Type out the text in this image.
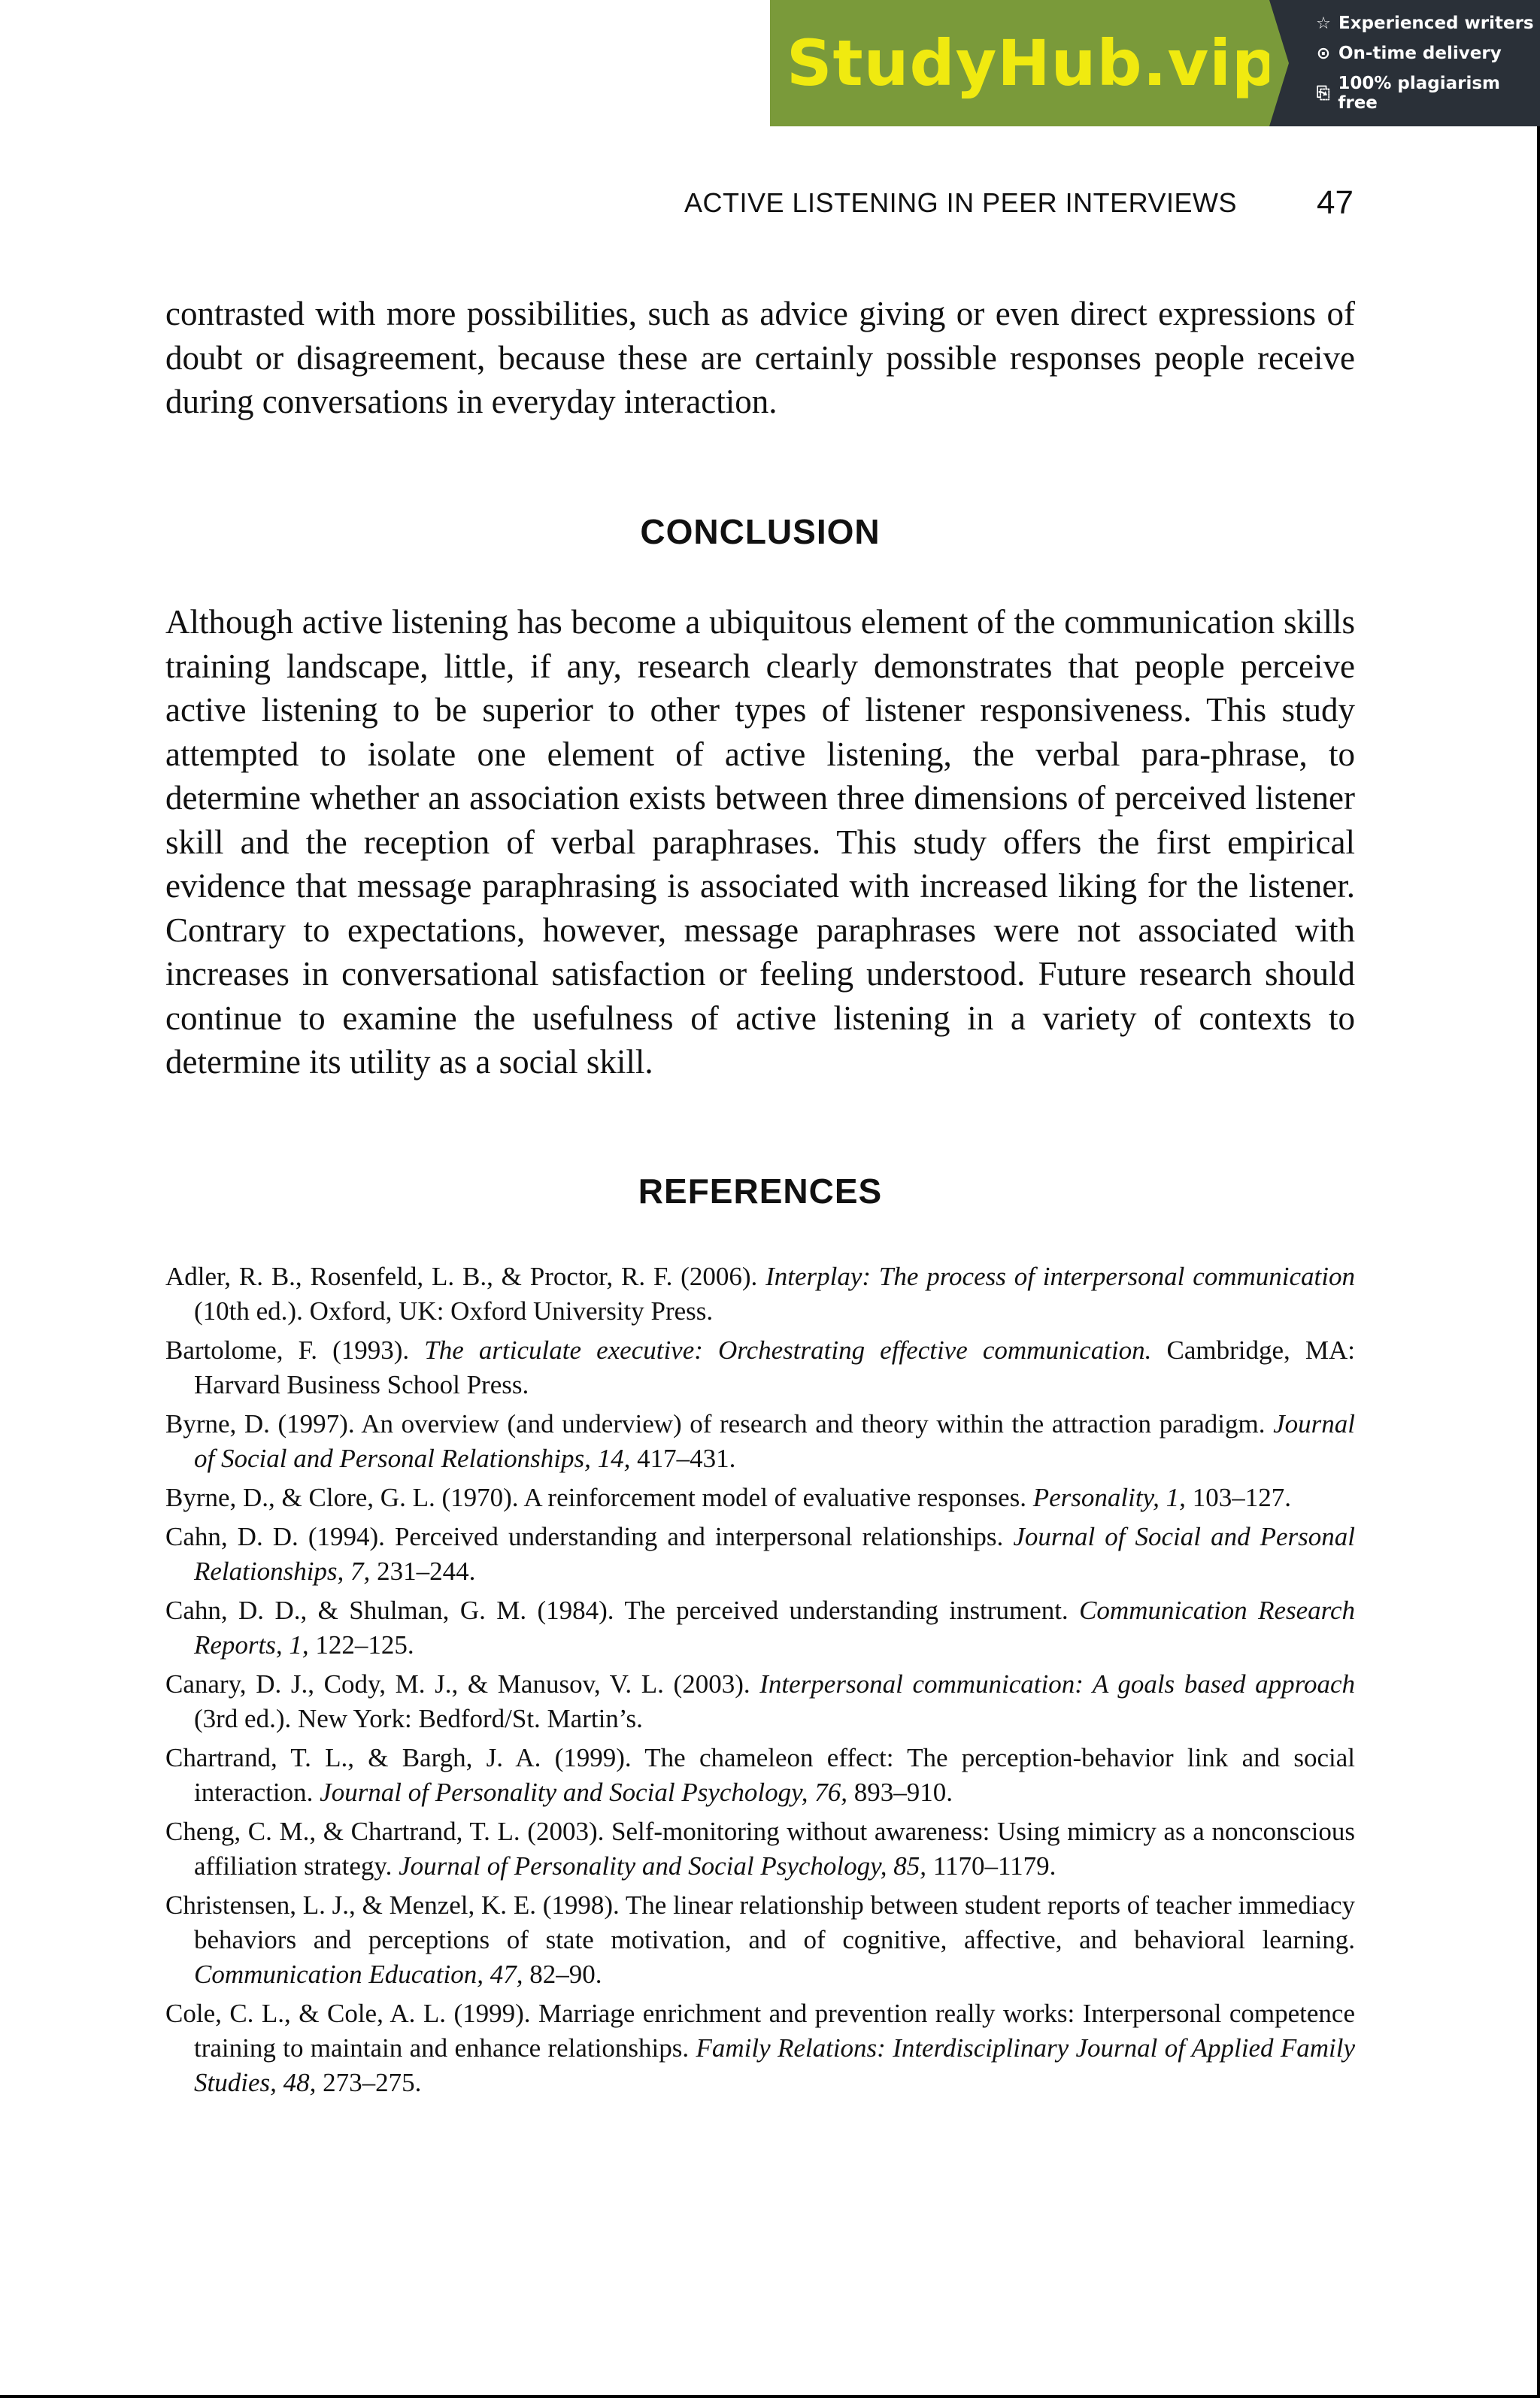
StudyHub.vip
☆ Experienced writers
⊙ On-time delivery
⎘ 100% plagiarism free
ACTIVE LISTENING IN PEER INTERVIEWS 47

contrasted with more possibilities, such as advice giving or even direct expressions of doubt or disagreement, because these are certainly possible responses people receive during conversations in everyday interaction.

CONCLUSION

Although active listening has become a ubiquitous element of the communication skills training landscape, little, if any, research clearly demonstrates that people perceive active listening to be superior to other types of listener responsiveness. This study attempted to isolate one element of active listening, the verbal para-phrase, to determine whether an association exists between three dimensions of perceived listener skill and the reception of verbal paraphrases. This study offers the first empirical evidence that message paraphrasing is associated with increased liking for the listener. Contrary to expectations, however, message paraphrases were not associated with increases in conversational satisfaction or feeling understood. Future research should continue to examine the usefulness of active listening in a variety of contexts to determine its utility as a social skill.

REFERENCES
Adler, R. B., Rosenfeld, L. B., & Proctor, R. F. (2006). Interplay: The process of interpersonal communication (10th ed.). Oxford, UK: Oxford University Press.
Bartolome, F. (1993). The articulate executive: Orchestrating effective communication. Cambridge, MA: Harvard Business School Press.
Byrne, D. (1997). An overview (and underview) of research and theory within the attraction paradigm. Journal of Social and Personal Relationships, 14, 417–431.
Byrne, D., & Clore, G. L. (1970). A reinforcement model of evaluative responses. Personality, 1, 103–127.
Cahn, D. D. (1994). Perceived understanding and interpersonal relationships. Journal of Social and Personal Relationships, 7, 231–244.
Cahn, D. D., & Shulman, G. M. (1984). The perceived understanding instrument. Communication Research Reports, 1, 122–125.
Canary, D. J., Cody, M. J., & Manusov, V. L. (2003). Interpersonal communication: A goals based approach (3rd ed.). New York: Bedford/St. Martin’s.
Chartrand, T. L., & Bargh, J. A. (1999). The chameleon effect: The perception-behavior link and social interaction. Journal of Personality and Social Psychology, 76, 893–910.
Cheng, C. M., & Chartrand, T. L. (2003). Self-monitoring without awareness: Using mimicry as a nonconscious affiliation strategy. Journal of Personality and Social Psychology, 85, 1170–1179.
Christensen, L. J., & Menzel, K. E. (1998). The linear relationship between student reports of teacher immediacy behaviors and perceptions of state motivation, and of cognitive, affective, and behavioral learning. Communication Education, 47, 82–90.
Cole, C. L., & Cole, A. L. (1999). Marriage enrichment and prevention really works: Interpersonal competence training to maintain and enhance relationships. Family Relations: Interdisciplinary Journal of Applied Family Studies, 48, 273–275.
